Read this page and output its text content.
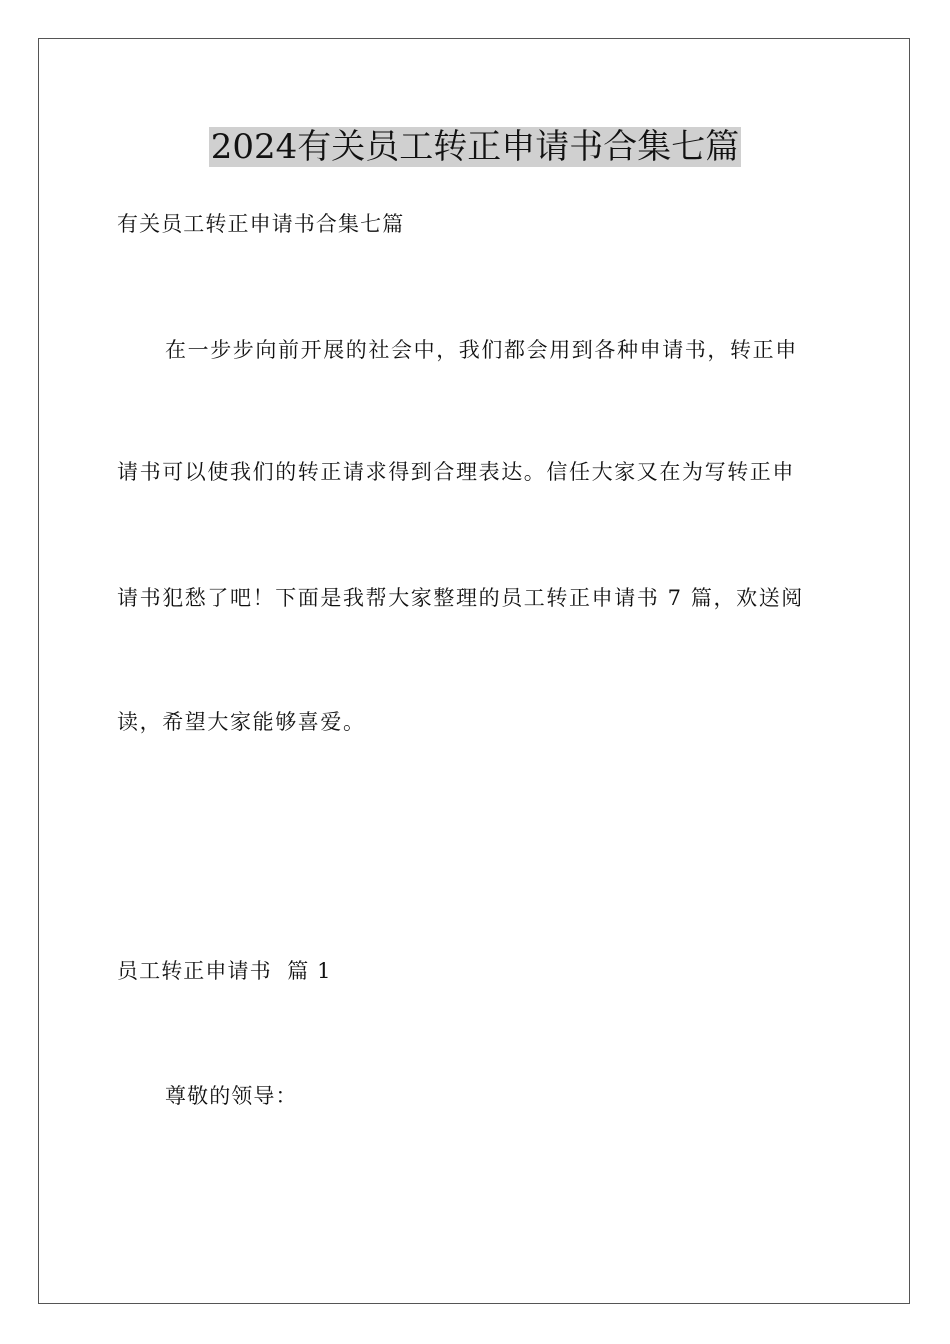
2024有关员工转正申请书合集七篇
有关员工转正申请书合集七篇
在一步步向前开展的社会中，我们都会用到各种申请书，转正申
请书可以使我们的转正请求得到合理表达。信任大家又在为写转正申
请书犯愁了吧！下面是我帮大家整理的员工转正申请书 7 篇，欢送阅
读，希望大家能够喜爱。
员工转正申请书  篇 1
尊敬的领导：
